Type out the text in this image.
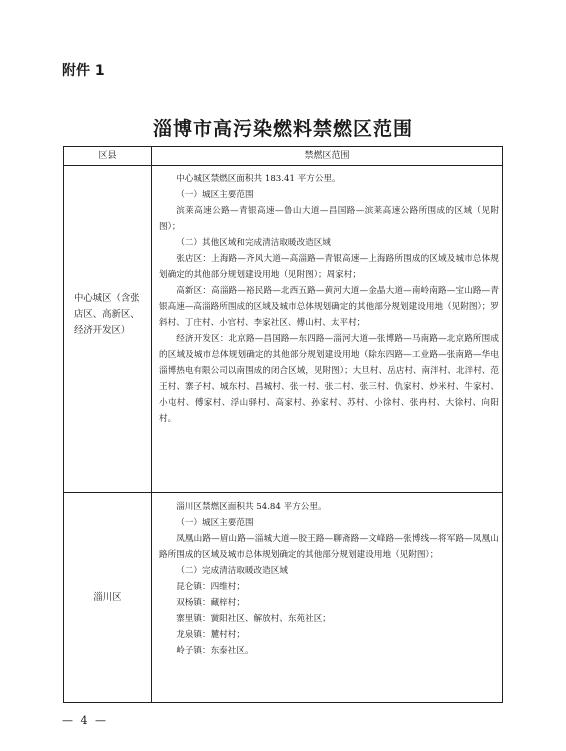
附件 1
淄博市高污染燃料禁燃区范围
区县	禁燃区范围
中心城区（含张店区、高新区、经济开发区）

中心城区禁燃区面积共 183.41 平方公里。

（一）城区主要范围

滨莱高速公路—青银高速—鲁山大道—昌国路—滨莱高速公路所围成的区域（见附图）；

（二）其他区域和完成清洁取暖改造区域

张店区：上海路—齐风大道—高淄路—青银高速—上海路所围成的区域及城市总体规划确定的其他部分规划建设用地（见附图）；周家村；

高新区：高淄路—裕民路—北西五路—黄河大道—金晶大道—南岭南路—宝山路—青银高速—高淄路所围成的区域及城市总体规划确定的其他部分规划建设用地（见附图）；罗斜村、丁庄村、小官村、李家社区、傅山村、太平村；

经济开发区：北京路—昌国路—东四路—淄河大道—张博路—马南路—北京路所围成的区域及城市总体规划确定的其他部分规划建设用地（除东四路—工业路—张南路—华电淄博热电有限公司以南围成的闭合区域，见附图）；大旦村、岳店村、南泮村、北泮村、范王村、寨子村、城东村、昌城村、张一村、张二村、张三村、仇家村、炒米村、牛家村、小屯村、傅家村、浮山驿村、高家村、孙家村、苏村、小徐村、张冉村、大徐村、向阳村。

淄川区

淄川区禁燃区面积共 54.84 平方公里。

（一）城区主要范围

凤凰山路—眉山路—淄城大道—胶王路—聊斋路—文峰路—张博线—将军路—凤凰山路所围成的区域及城市总体规划确定的其他部分规划建设用地（见附图）；

（二）完成清洁取暖改造区域

昆仑镇：四维村；

双杨镇：藏梓村；

寨里镇：黉阳社区、解放村、东苑社区；

龙泉镇：麓村村；

岭子镇：东泰社区。

— 4 —
